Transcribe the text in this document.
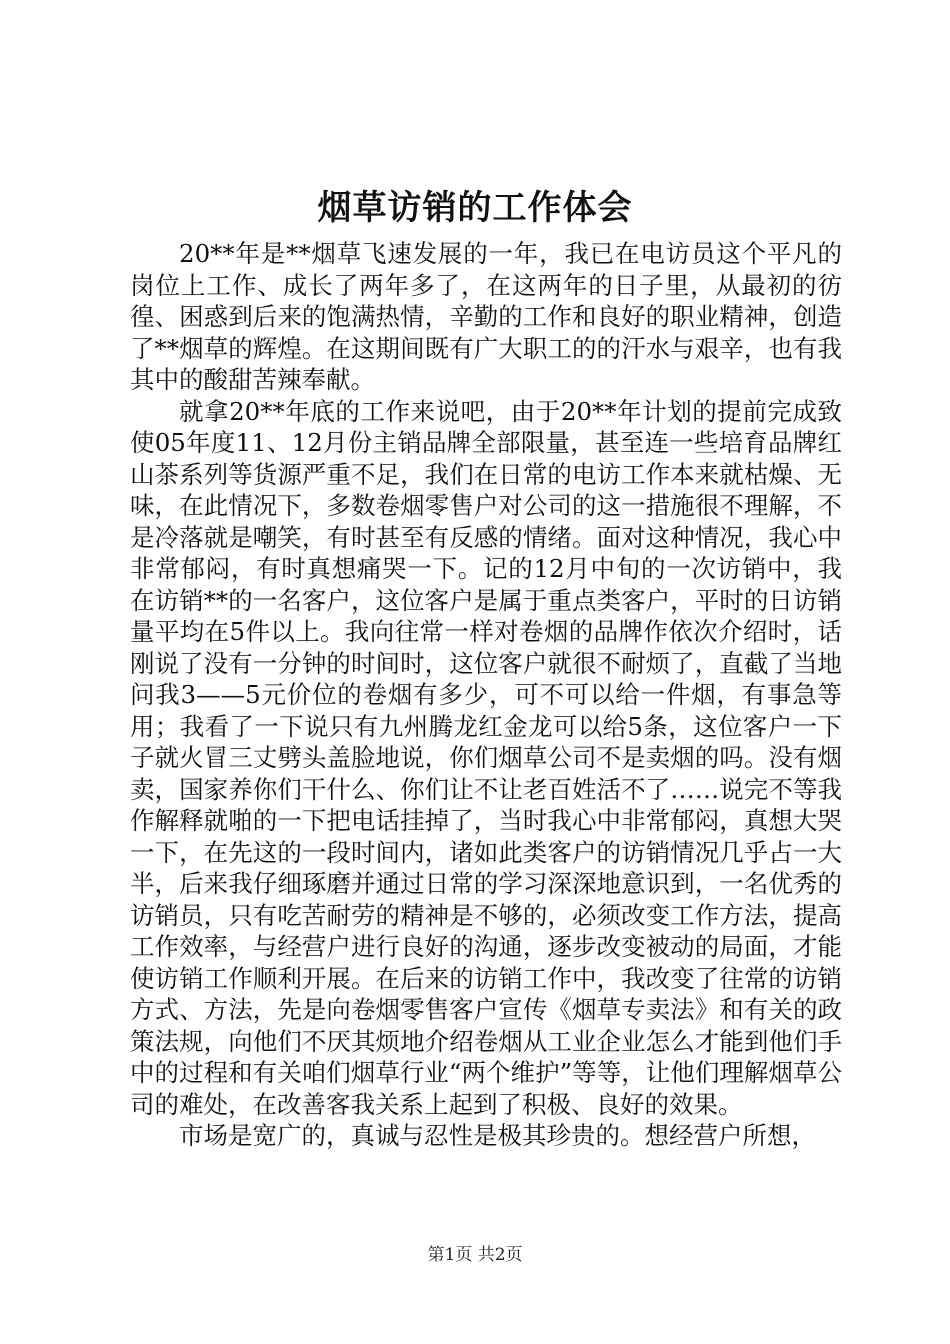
烟草访销的工作体会

20**年是**烟草飞速发展的一年，我已在电访员这个平凡的岗位上工作、成长了两年多了，在这两年的日子里，从最初的彷徨、困惑到后来的饱满热情，辛勤的工作和良好的职业精神，创造了**烟草的辉煌。在这期间既有广大职工的的汗水与艰辛，也有我其中的酸甜苦辣奉献。

就拿20**年底的工作来说吧，由于20**年计划的提前完成致使05年度11、12月份主销品牌全部限量，甚至连一些培育品牌红山茶系列等货源严重不足，我们在日常的电访工作本来就枯燥、无味，在此情况下，多数卷烟零售户对公司的这一措施很不理解，不是冷落就是嘲笑，有时甚至有反感的情绪。面对这种情况，我心中非常郁闷，有时真想痛哭一下。记的12月中旬的一次访销中，我在访销**的一名客户，这位客户是属于重点类客户，平时的日访销量平均在5件以上。我向往常一样对卷烟的品牌作依次介绍时，话刚说了没有一分钟的时间时，这位客户就很不耐烦了，直截了当地问我3——5元价位的卷烟有多少，可不可以给一件烟，有事急等用；我看了一下说只有九州腾龙红金龙可以给5条，这位客户一下子就火冒三丈劈头盖脸地说，你们烟草公司不是卖烟的吗。没有烟卖，国家养你们干什么、你们让不让老百姓活不了……说完不等我作解释就啪的一下把电话挂掉了，当时我心中非常郁闷，真想大哭一下，在先这的一段时间内，诸如此类客户的访销情况几乎占一大半，后来我仔细琢磨并通过日常的学习深深地意识到，一名优秀的访销员，只有吃苦耐劳的精神是不够的，必须改变工作方法，提高工作效率，与经营户进行良好的沟通，逐步改变被动的局面，才能使访销工作顺利开展。在后来的访销工作中，我改变了往常的访销方式、方法，先是向卷烟零售客户宣传《烟草专卖法》和有关的政策法规，向他们不厌其烦地介绍卷烟从工业企业怎么才能到他们手中的过程和有关咱们烟草行业“两个维护”等等，让他们理解烟草公司的难处，在改善客我关系上起到了积极、良好的效果。

市场是宽广的，真诚与忍性是极其珍贵的。想经营户所想，

第1页 共2页
